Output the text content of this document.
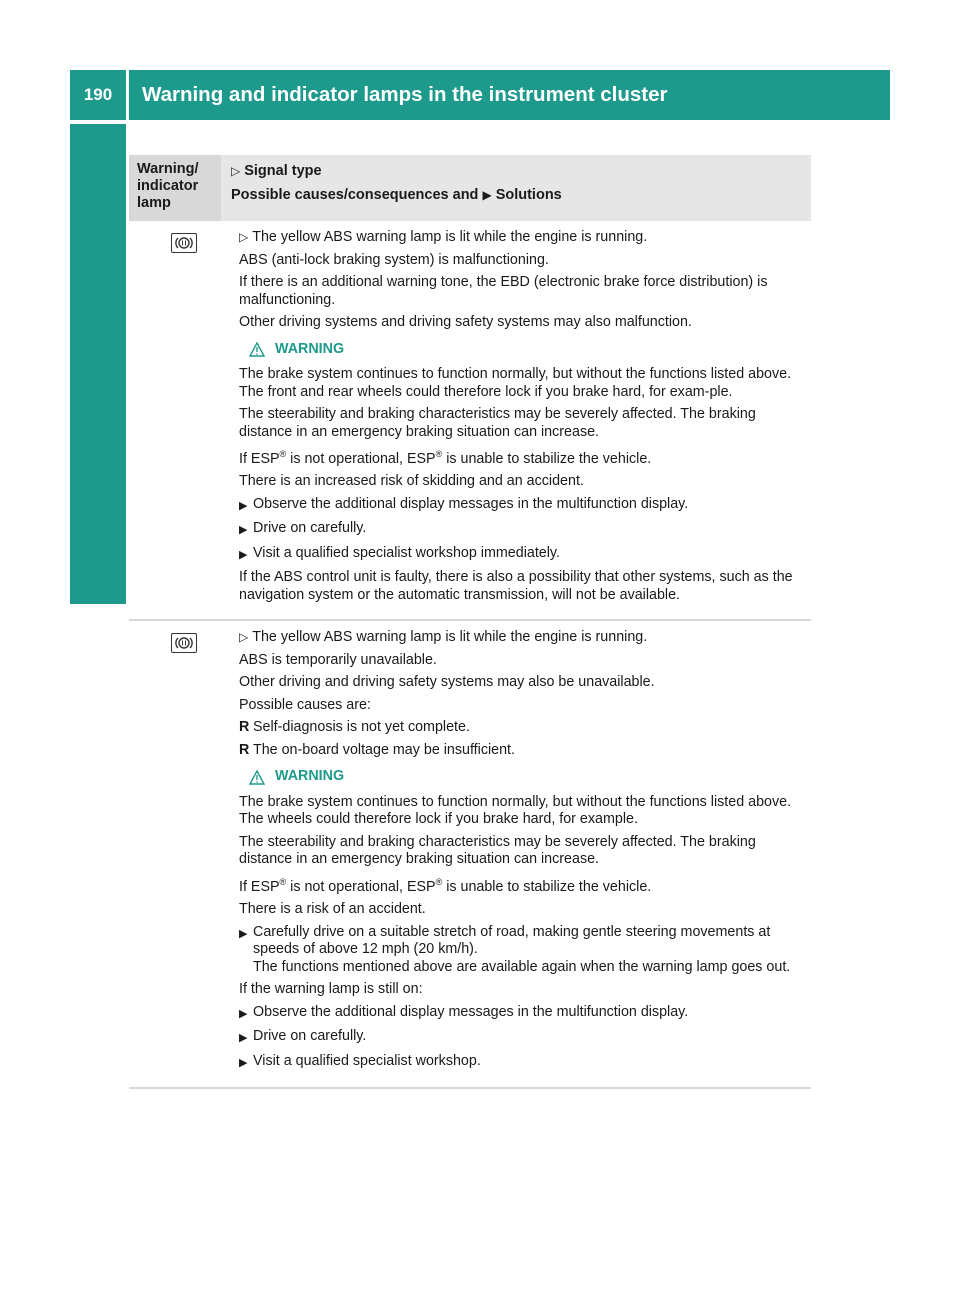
190	Warning and indicator lamps in the instrument cluster
On-board computer and displays
Warning/
indicator
lamp
▷ Signal type
Possible causes/consequences and ▶ Solutions

▷ The yellow ABS warning lamp is lit while the engine is running.

ABS (anti-lock braking system) is malfunctioning.

If there is an additional warning tone, the EBD (electronic brake force distribution) is malfunctioning.

Other driving systems and driving safety systems may also malfunction.

WARNING

The brake system continues to function normally, but without the functions listed above. The front and rear wheels could therefore lock if you brake hard, for exam-ple.

The steerability and braking characteristics may be severely affected. The braking distance in an emergency braking situation can increase.

If ESP® is not operational, ESP® is unable to stabilize the vehicle.

There is an increased risk of skidding and an accident.

▶ Observe the additional display messages in the multifunction display.
▶ Drive on carefully.
▶ Visit a qualified specialist workshop immediately.

If the ABS control unit is faulty, there is also a possibility that other systems, such as the navigation system or the automatic transmission, will not be available.

▷ The yellow ABS warning lamp is lit while the engine is running.

ABS is temporarily unavailable.

Other driving and driving safety systems may also be unavailable.

Possible causes are:

R Self-diagnosis is not yet complete.
R The on-board voltage may be insufficient.
WARNING

The brake system continues to function normally, but without the functions listed above. The wheels could therefore lock if you brake hard, for example.

The steerability and braking characteristics may be severely affected. The braking distance in an emergency braking situation can increase.

If ESP® is not operational, ESP® is unable to stabilize the vehicle.

There is a risk of an accident.

▶ Carefully drive on a suitable stretch of road, making gentle steering movements at speeds of above 12 mph (20 km/h).
The functions mentioned above are available again when the warning lamp goes out.

If the warning lamp is still on:

▶ Observe the additional display messages in the multifunction display.
▶ Drive on carefully.
▶ Visit a qualified specialist workshop.
